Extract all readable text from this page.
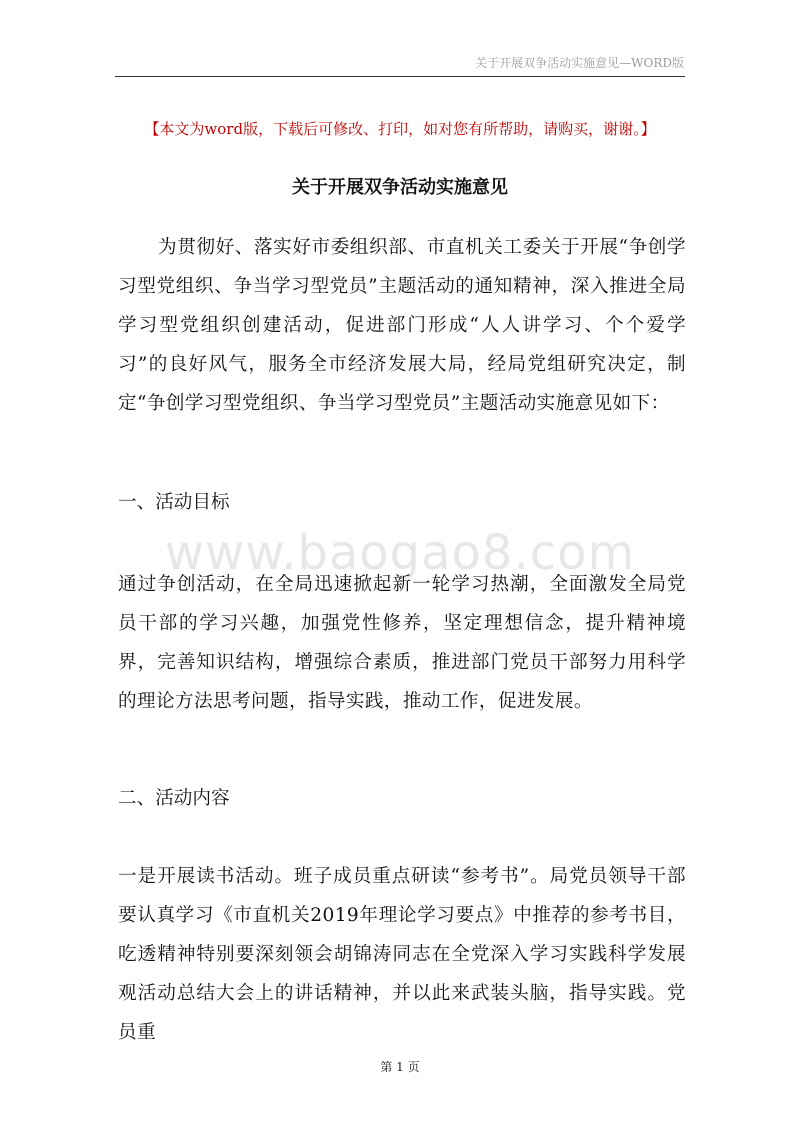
关于开展双争活动实施意见—WORD版
【本文为word版，下载后可修改、打印，如对您有所帮助，请购买，谢谢。】
关于开展双争活动实施意见

为贯彻好、落实好市委组织部、市直机关工委关于开展“争创学习型党组织、争当学习型党员”主题活动的通知精神，深入推进全局学习型党组织创建活动，促进部门形成“人人讲学习、个个爱学习”的良好风气，服务全市经济发展大局，经局党组研究决定，制定“争创学习型党组织、争当学习型党员”主题活动实施意见如下：

一、活动目标
www.baogao8.com

通过争创活动，在全局迅速掀起新一轮学习热潮，全面激发全局党员干部的学习兴趣，加强党性修养，坚定理想信念，提升精神境界，完善知识结构，增强综合素质，推进部门党员干部努力用科学的理论方法思考问题，指导实践，推动工作，促进发展。

二、活动内容

一是开展读书活动。班子成员重点研读“参考书”。局党员领导干部要认真学习《市直机关2019年理论学习要点》中推荐的参考书目，吃透精神特别要深刻领会胡锦涛同志在全党深入学习实践科学发展观活动总结大会上的讲话精神，并以此来武装头脑，指导实践。党员重

第 1 页
